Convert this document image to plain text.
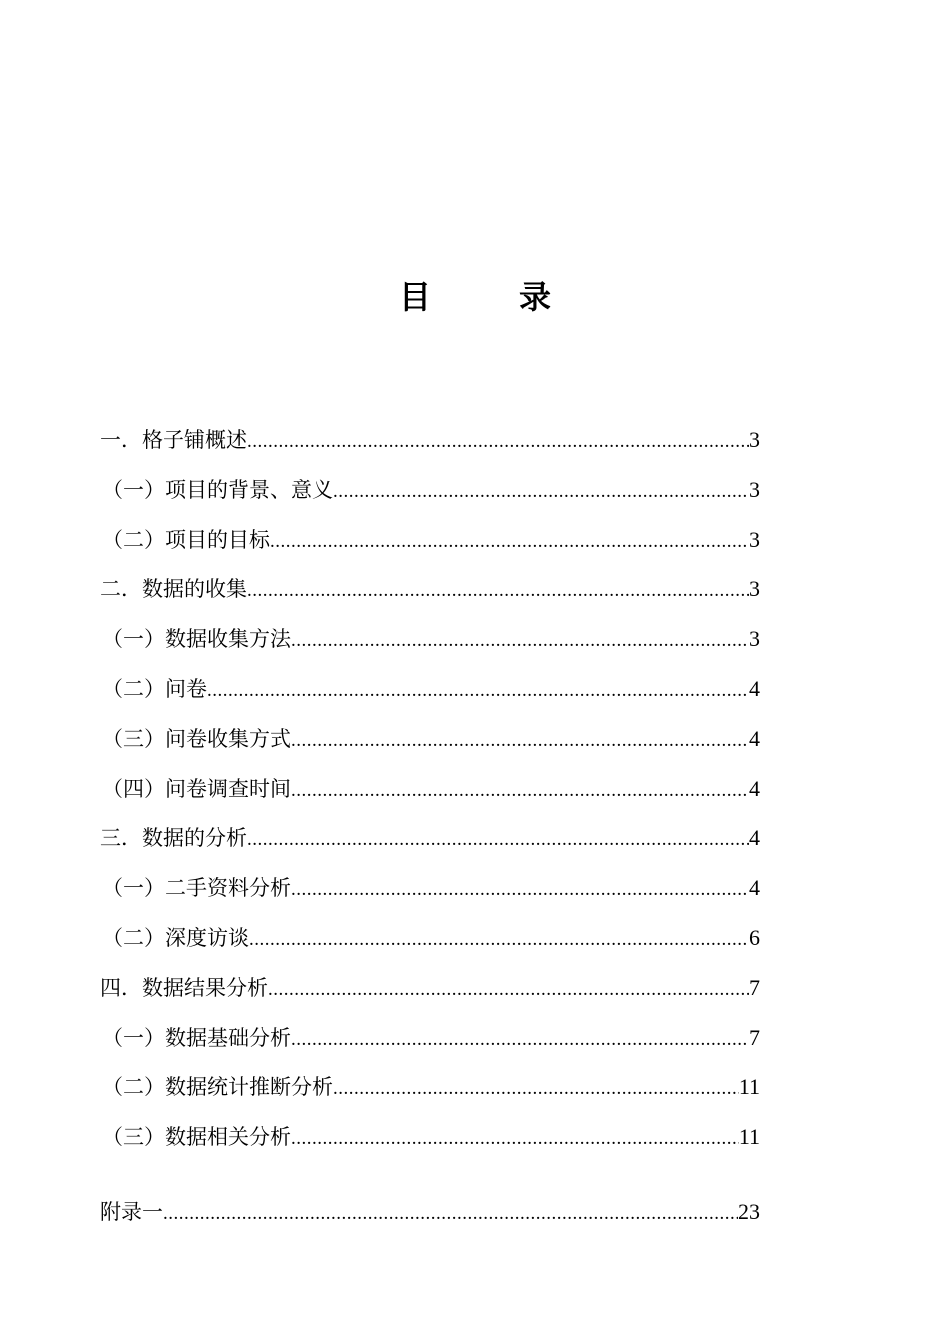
目　录
一．格子铺概述 .....	3
（一）项目的背景、意义 .....	3
（二）项目的目标 .....	3
二．数据的收集 .....	3
（一）数据收集方法 .....	3
（二）问卷 .....	4
（三）问卷收集方式 .....	4
（四）问卷调查时间 .....	4
三．数据的分析 .....	4
（一）二手资料分析 .....	4
（二）深度访谈 .....	6
四．数据结果分析 .....	7
（一）数据基础分析 .....	7
（二）数据统计推断分析 .....	11
（三）数据相关分析 .....	11
附录一 .....	23
